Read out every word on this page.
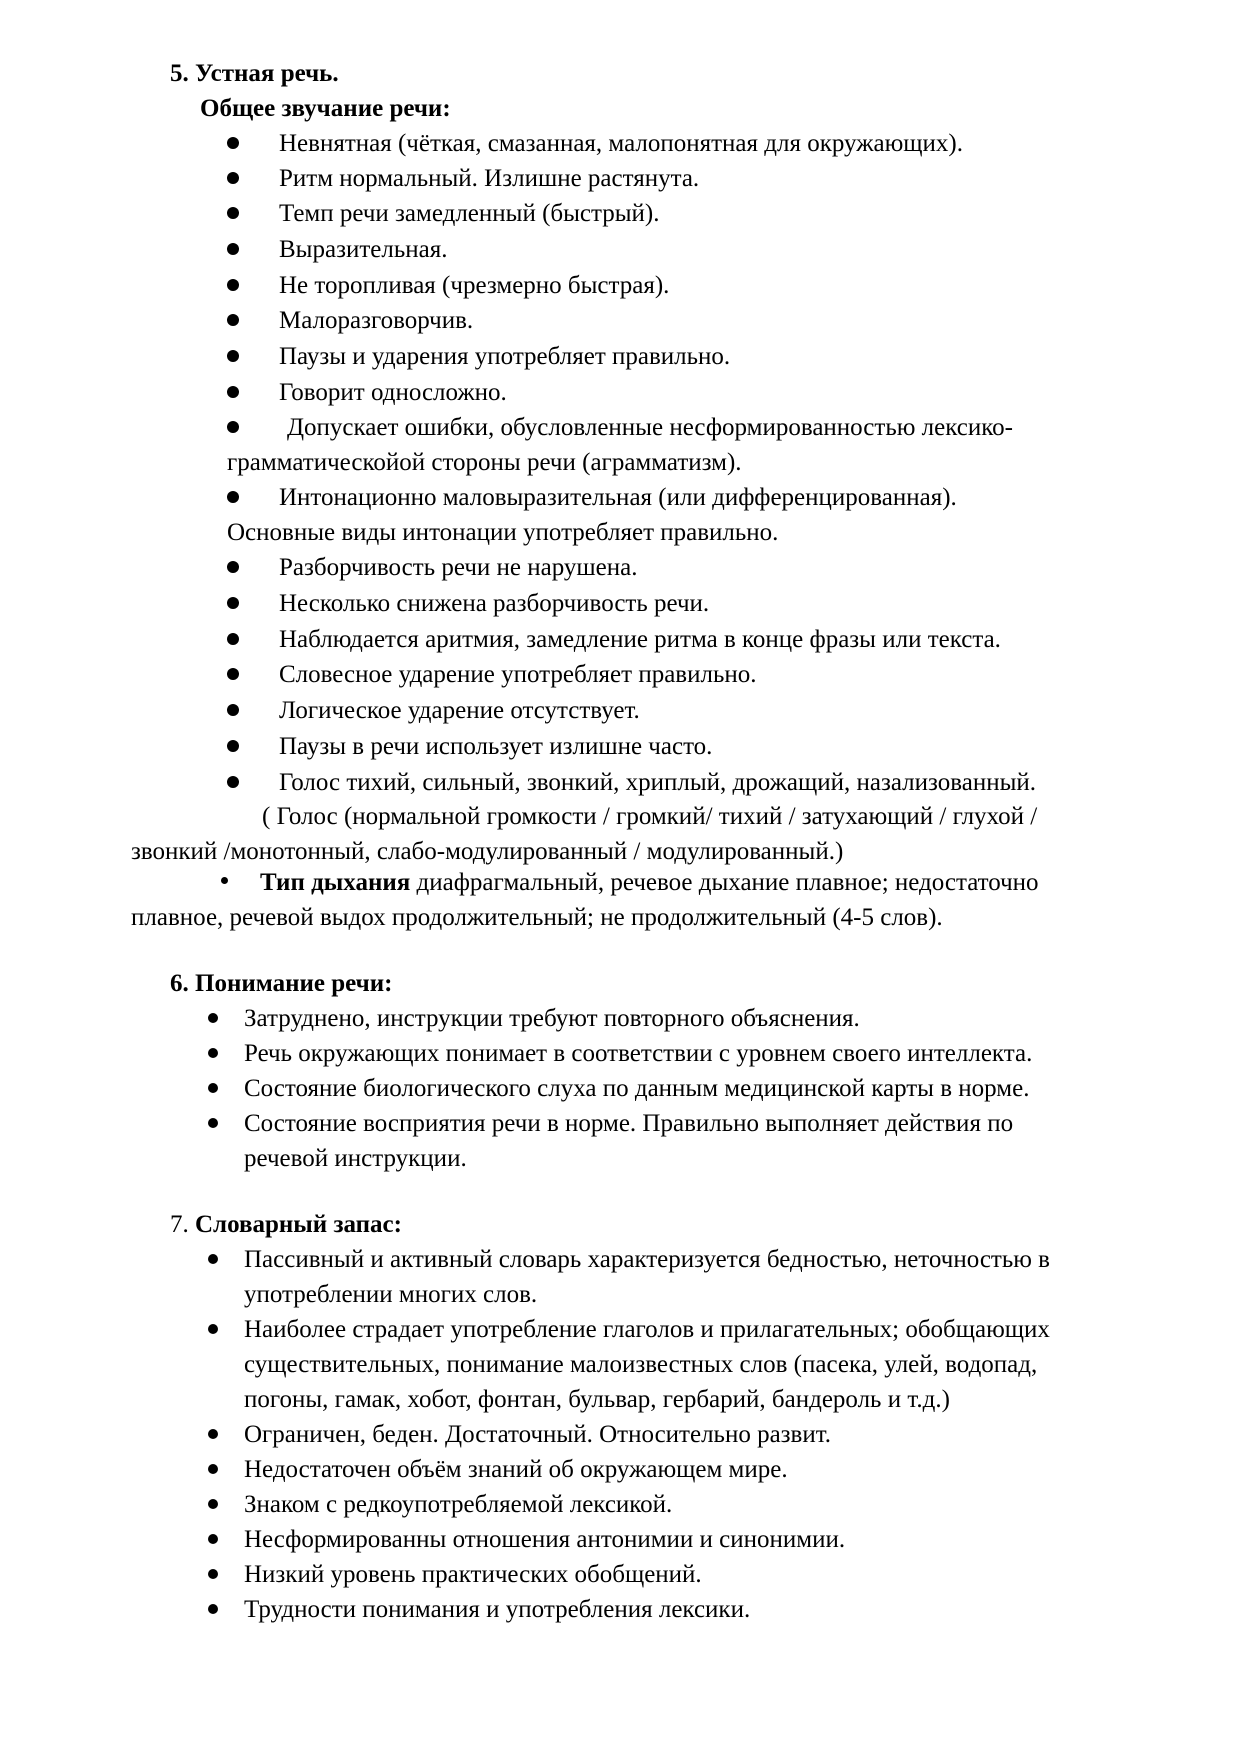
5. Устная речь.
Общее звучание речи:
Невнятная (чёткая, смазанная, малопонятная для окружающих).
Ритм нормальный. Излишне растянута.
Темп речи замедленный (быстрый).
Выразительная.
Не торопливая (чрезмерно быстрая).
Малоразговорчив.
Паузы и ударения употребляет правильно.
Говорит односложно.
Допускает ошибки, обусловленные несформированностью лексико-
грамматическойой стороны речи (аграмматизм).
Интонационно маловыразительная (или дифференцированная).
Основные виды интонации употребляет правильно.
Разборчивость речи не нарушена.
Несколько снижена разборчивость речи.
Наблюдается аритмия, замедление ритма в конце фразы или текста.
Словесное ударение употребляет правильно.
Логическое ударение отсутствует.
Паузы в речи использует излишне часто.
Голос тихий, сильный, звонкий, хриплый, дрожащий, назализованный.
( Голос (нормальной громкости / громкий/ тихий / затухающий / глухой /
звонкий /монотонный, слабо-модулированный / модулированный.)
Тип дыхания диафрагмальный, речевое дыхание плавное; недостаточно
плавное, речевой выдох продолжительный; не продолжительный (4-5 слов).
6. Понимание речи:
Затруднено, инструкции требуют повторного объяснения.
Речь окружающих понимает в соответствии с уровнем своего интеллекта.
Состояние биологического слуха по данным медицинской карты в норме.
Состояние восприятия речи в норме. Правильно выполняет действия по
речевой инструкции.
7. Словарный запас:
Пассивный и активный словарь характеризуется бедностью, неточностью в
употреблении многих слов.
Наиболее страдает употребление глаголов и прилагательных; обобщающих
существительных, понимание малоизвестных слов (пасека, улей, водопад,
погоны, гамак, хобот, фонтан, бульвар, гербарий, бандероль и т.д.)
Ограничен, беден. Достаточный. Относительно развит.
Недостаточен объём знаний об окружающем мире.
Знаком с редкоупотребляемой лексикой.
Несформированны отношения антонимии и синонимии.
Низкий уровень практических обобщений.
Трудности понимания и употребления лексики.
